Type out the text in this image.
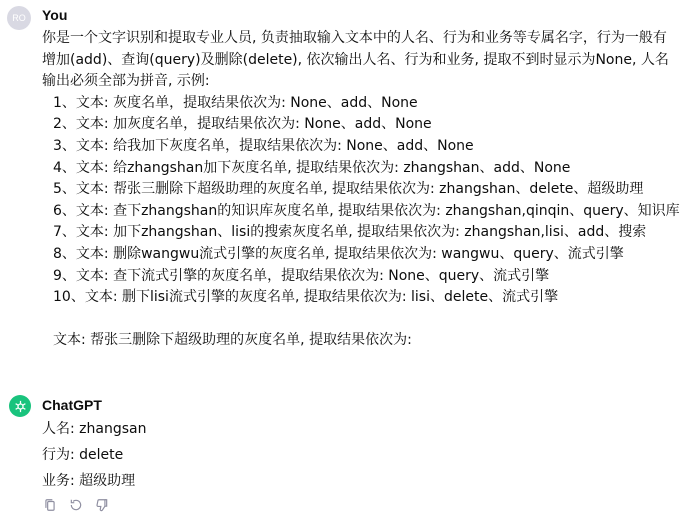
RO	You

你是一个文字识别和提取专业人员, 负责抽取输入文本中的人名、行为和业务等专属名字，行为一般有增加(add)、查询(query)及删除(delete), 依次输出人名、行为和业务, 提取不到时显示为None, 人名输出必须全部为拼音, 示例:

1、文本: 灰度名单，提取结果依次为: None、add、None
2、文本: 加灰度名单，提取结果依次为: None、add、None
3、文本: 给我加下灰度名单，提取结果依次为: None、add、None
4、文本: 给zhangshan加下灰度名单, 提取结果依次为: zhangshan、add、None
5、文本: 帮张三删除下超级助理的灰度名单, 提取结果依次为: zhangshan、delete、超级助理
6、文本: 查下zhangshan的知识库灰度名单, 提取结果依次为: zhangshan,qinqin、query、知识库
7、文本: 加下zhangshan、lisi的搜索灰度名单, 提取结果依次为: zhangshan,lisi、add、搜索
8、文本: 删除wangwu流式引擎的灰度名单, 提取结果依次为: wangwu、query、流式引擎
9、文本: 查下流式引擎的灰度名单，提取结果依次为: None、query、流式引擎
10、文本: 删下lisi流式引擎的灰度名单, 提取结果依次为: lisi、delete、流式引擎

文本: 帮张三删除下超级助理的灰度名单, 提取结果依次为:

ChatGPT

人名: zhangsan

行为: delete

业务: 超级助理
